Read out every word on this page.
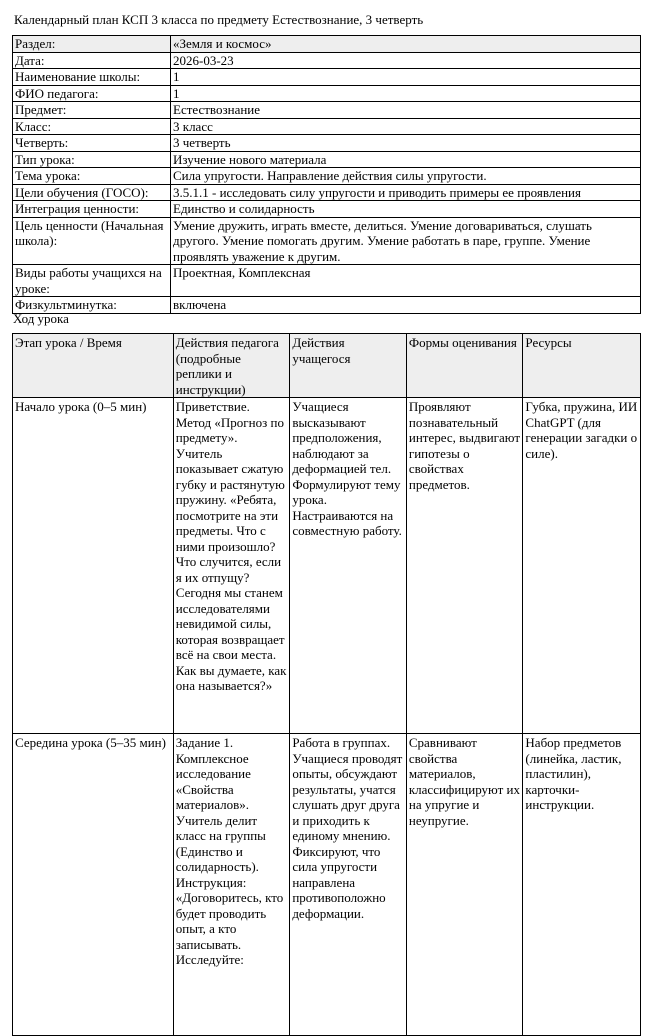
Календарный план КСП 3 класса по предмету Естествознание, 3 четверть
Раздел:	«Земля и космос»
Дата:	2026-03-23
Наименование школы:	1
ФИО педагога:	1
Предмет:	Естествознание
Класс:	3 класс
Четверть:	3 четверть
Тип урока:	Изучение нового материала
Тема урока:	Сила упругости. Направление действия силы упругости.
Цели обучения (ГОСО):	3.5.1.1 - исследовать силу упругости и приводить примеры ее проявления
Интеграция ценности:	Единство и солидарность
Цель ценности (Начальная школа):	Умение дружить, играть вместе, делиться. Умение договариваться, слушать другого. Умение помогать другим. Умение работать в паре, группе. Умение проявлять уважение к другим.
Виды работы учащихся на уроке:	Проектная, Комплексная
Физкультминутка:	включена
Ход урока
Этап урока / Время	Действия педагога (подробные реплики и инструкции)	Действия учащегося	Формы оценивания	Ресурсы
Начало урока (0–5 мин)	Приветствие. Метод «Прогноз по предмету». Учитель показывает сжатую губку и растянутую пружину. «Ребята, посмотрите на эти предметы. Что с ними произошло? Что случится, если я их отпущу? Сегодня мы станем исследователями невидимой силы, которая возвращает всё на свои места. Как вы думаете, как она называется?»	Учащиеся высказывают предположения, наблюдают за деформацией тел. Формулируют тему урока. Настраиваются на совместную работу.	Проявляют познавательный интерес, выдвигают гипотезы о свойствах предметов.	Губка, пружина, ИИ ChatGPT (для генерации загадки о силе).
Середина урока (5–35 мин)	Задание 1. Комплексное исследование «Свойства материалов». Учитель делит класс на группы (Единство и солидарность). Инструкция: «Договоритесь, кто будет проводить опыт, а кто записывать. Исследуйте:	Работа в группах. Учащиеся проводят опыты, обсуждают результаты, учатся слушать друг друга и приходить к единому мнению. Фиксируют, что сила упругости направлена противоположно деформации.	Сравнивают свойства материалов, классифицируют их на упругие и неупругие.	Набор предметов (линейка, ластик, пластилин), карточки-инструкции.
